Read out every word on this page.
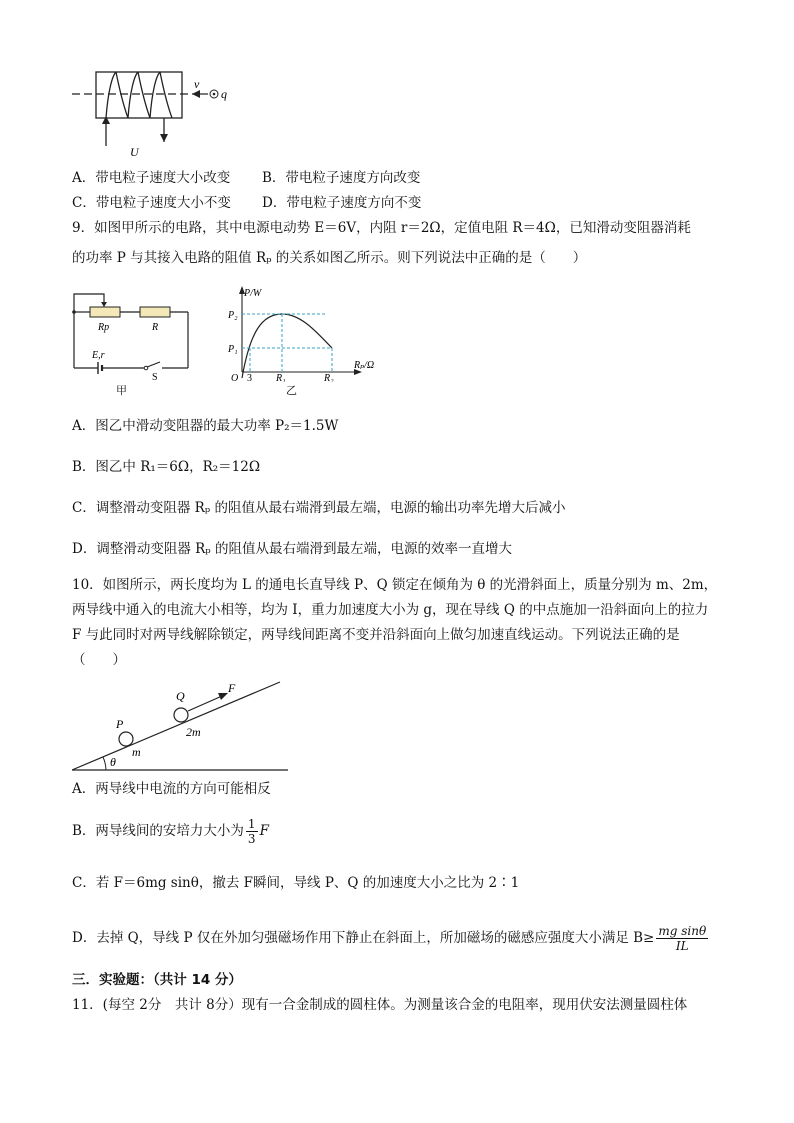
v
q
U
A．带电粒子速度大小改变 B．带电粒子速度方向改变
C．带电粒子速度大小不变 D．带电粒子速度方向不变
9．如图甲所示的电路，其中电源电动势 E＝6V，内阻 r＝2Ω，定值电阻 R＝4Ω，已知滑动变阻器消耗
的功率 P 与其接入电路的阻值 Rₚ 的关系如图乙所示。则下列说法中正确的是（　　）
Rp	R
E,r
S
甲
P/W
P₂
P₁
O 3 R₁	R₂
Rₚ/Ω
乙
A．图乙中滑动变阻器的最大功率 P₂＝1.5W
B．图乙中 R₁＝6Ω，R₂＝12Ω
C．调整滑动变阻器 Rₚ 的阻值从最右端滑到最左端，电源的输出功率先增大后减小
D．调整滑动变阻器 Rₚ 的阻值从最右端滑到最左端，电源的效率一直增大
10．如图所示，两长度均为 L 的通电长直导线 P、Q 锁定在倾角为 θ 的光滑斜面上，质量分别为 m、2m，
两导线中通入的电流大小相等，均为 I，重力加速度大小为 g，现在导线 Q 的中点施加一沿斜面向上的拉力
F 与此同时对两导线解除锁定，两导线间距离不变并沿斜面向上做匀加速直线运动。下列说法正确的是
（　　）
Q
F
P
2m
m
θ
A．两导线中电流的方向可能相反
B．两导线间的安培力大小为 $\frac{1}{3}$ F
C．若 F＝6mg sinθ，撤去 F瞬间，导线 P、Q 的加速度大小之比为 2∶1
D．去掉 Q，导线 P 仅在外加匀强磁场作用下静止在斜面上，所加磁场的磁感应强度大小满足 $B\ge \frac{\text{mg sinθ}}{IL}$
三．实验题：（共计 14 分）
11．(每空 2分　共计 8分）现有一合金制成的圆柱体。为测量该合金的电阻率，现用伏安法测量圆柱体
